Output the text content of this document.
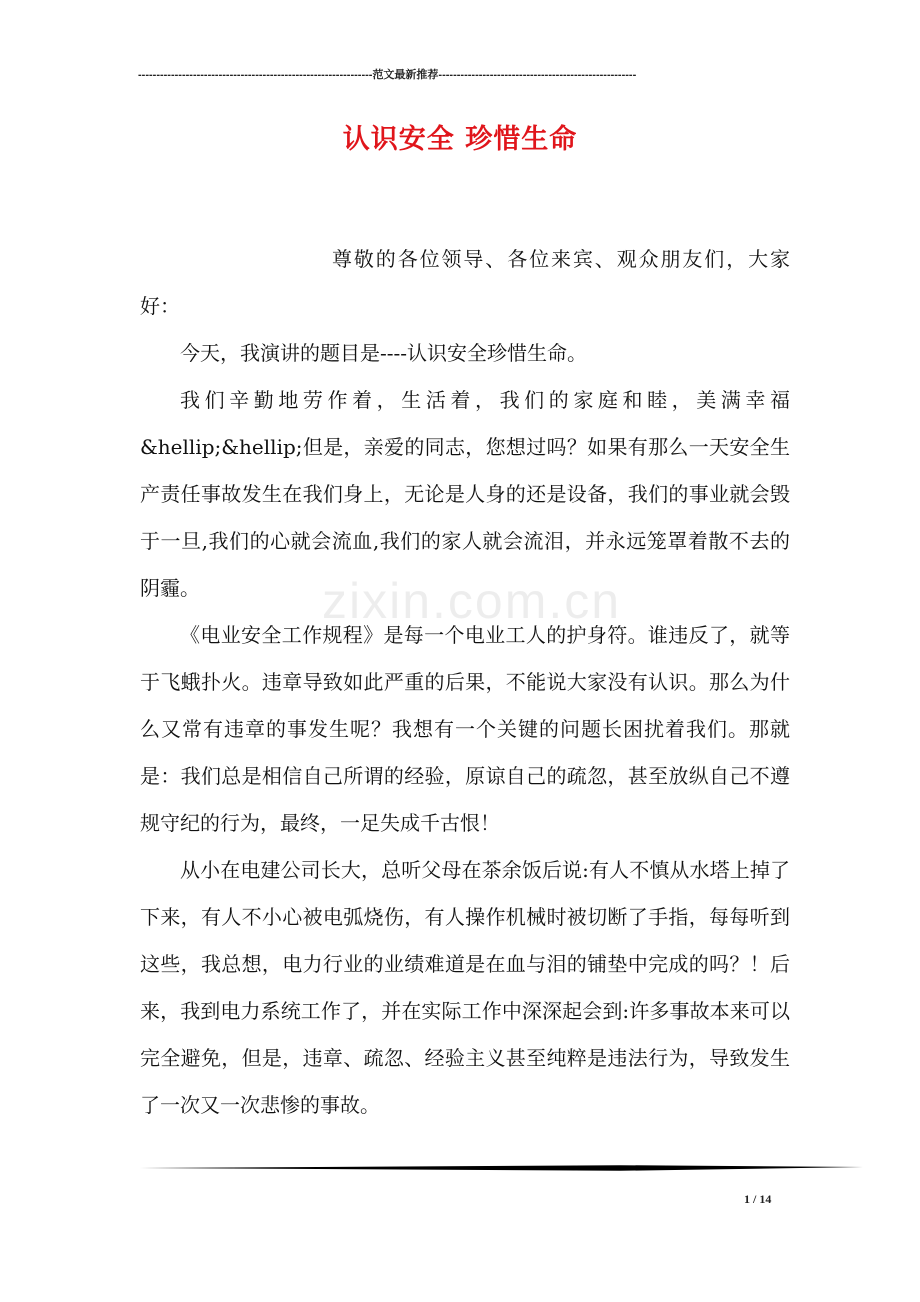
----------------------------------------------------------------范文最新推荐------------------------------------------------------
认识安全 珍惜生命
zixin.com.cn

尊敬的各位领导、各位来宾、观众朋友们，大家好：

今天，我演讲的题目是----认识安全珍惜生命。

我们辛勤地劳作着，生活着，我们的家庭和睦，美满幸福&hellip;&hellip;但是，亲爱的同志，您想过吗？如果有那么一天安全生产责任事故发生在我们身上，无论是人身的还是设备，我们的事业就会毁于一旦,我们的心就会流血,我们的家人就会流泪，并永远笼罩着散不去的阴霾。

《电业安全工作规程》是每一个电业工人的护身符。谁违反了，就等于飞蛾扑火。违章导致如此严重的后果，不能说大家没有认识。那么为什么又常有违章的事发生呢？我想有一个关键的问题长困扰着我们。那就是：我们总是相信自己所谓的经验，原谅自己的疏忽，甚至放纵自己不遵规守纪的行为，最终，一足失成千古恨！

从小在电建公司长大，总听父母在茶余饭后说:有人不慎从水塔上掉了下来，有人不小心被电弧烧伤，有人操作机械时被切断了手指，每每听到这些，我总想，电力行业的业绩难道是在血与泪的铺垫中完成的吗？！后来，我到电力系统工作了，并在实际工作中深深起会到:许多事故本来可以完全避免，但是，违章、疏忽、经验主义甚至纯粹是违法行为，导致发生了一次又一次悲惨的事故。

1 / 14
